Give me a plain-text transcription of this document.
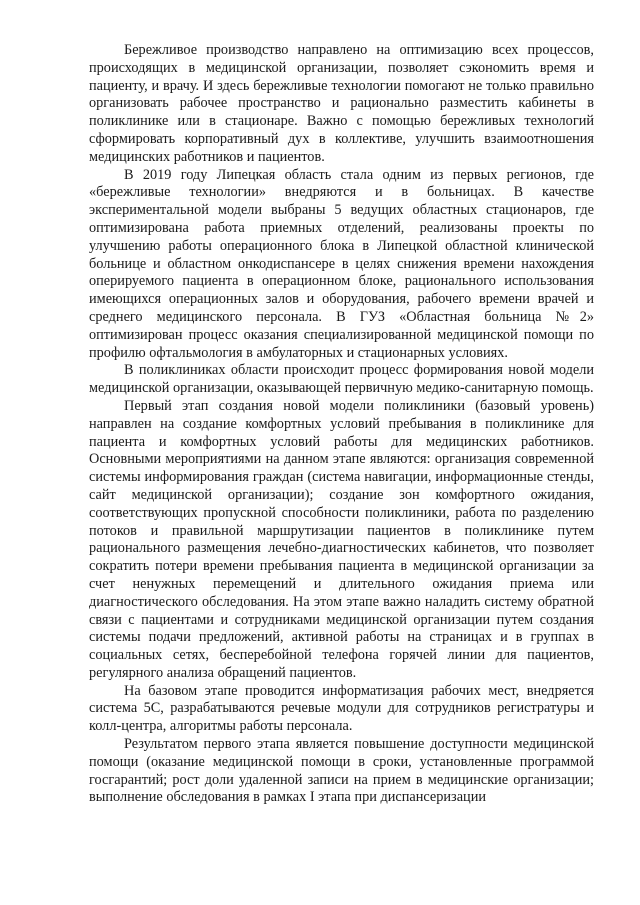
Бережливое производство направлено на оптимизацию всех процессов, происходящих в медицинской организации, позволяет сэкономить время и пациенту, и врачу. И здесь бережливые технологии помогают не только правильно организовать рабочее пространство и рационально разместить кабинеты в поликлинике или в стационаре. Важно с помощью бережливых технологий сформировать корпоративный дух в коллективе, улучшить взаимоотношения медицинских работников и пациентов.

В 2019 году Липецкая область стала одним из первых регионов, где «бережливые технологии» внедряются и в больницах. В качестве экспериментальной модели выбраны 5 ведущих областных стационаров, где оптимизирована работа приемных отделений, реализованы проекты по улучшению работы операционного блока в Липецкой областной клинической больнице и областном онкодиспансере в целях снижения времени нахождения оперируемого пациента в операционном блоке, рационального использования имеющихся операционных залов и оборудования, рабочего времени врачей и среднего медицинского персонала. В ГУЗ «Областная больница №2» оптимизирован процесс оказания специализированной медицинской помощи по профилю офтальмология в амбулаторных и стационарных условиях.

В поликлиниках области происходит процесс формирования новой модели медицинской организации, оказывающей первичную медико-санитарную помощь.

Первый этап создания новой модели поликлиники (базовый уровень) направлен на создание комфортных условий пребывания в поликлинике для пациента и комфортных условий работы для медицинских работников. Основными мероприятиями на данном этапе являются: организация современной системы информирования граждан (система навигации, информационные стенды, сайт медицинской организации); создание зон комфортного ожидания, соответствующих пропускной способности поликлиники, работа по разделению потоков и правильной маршрутизации пациентов в поликлинике путем рационального размещения лечебно-диагностических кабинетов, что позволяет сократить потери времени пребывания пациента в медицинской организации за счет ненужных перемещений и длительного ожидания приема или диагностического обследования. На этом этапе важно наладить систему обратной связи с пациентами и сотрудниками медицинской организации путем создания системы подачи предложений, активной работы на страницах и в группах в социальных сетях, бесперебойной телефона горячей линии для пациентов, регулярного анализа обращений пациентов.

На базовом этапе проводится информатизация рабочих мест, внедряется система 5С, разрабатываются речевые модули для сотрудников регистратуры и колл-центра, алгоритмы работы персонала.

Результатом первого этапа является повышение доступности медицинской помощи (оказание медицинской помощи в сроки, установленные программой госгарантий; рост доли удаленной записи на прием в медицинские организации; выполнение обследования в рамках I этапа при диспансеризации
